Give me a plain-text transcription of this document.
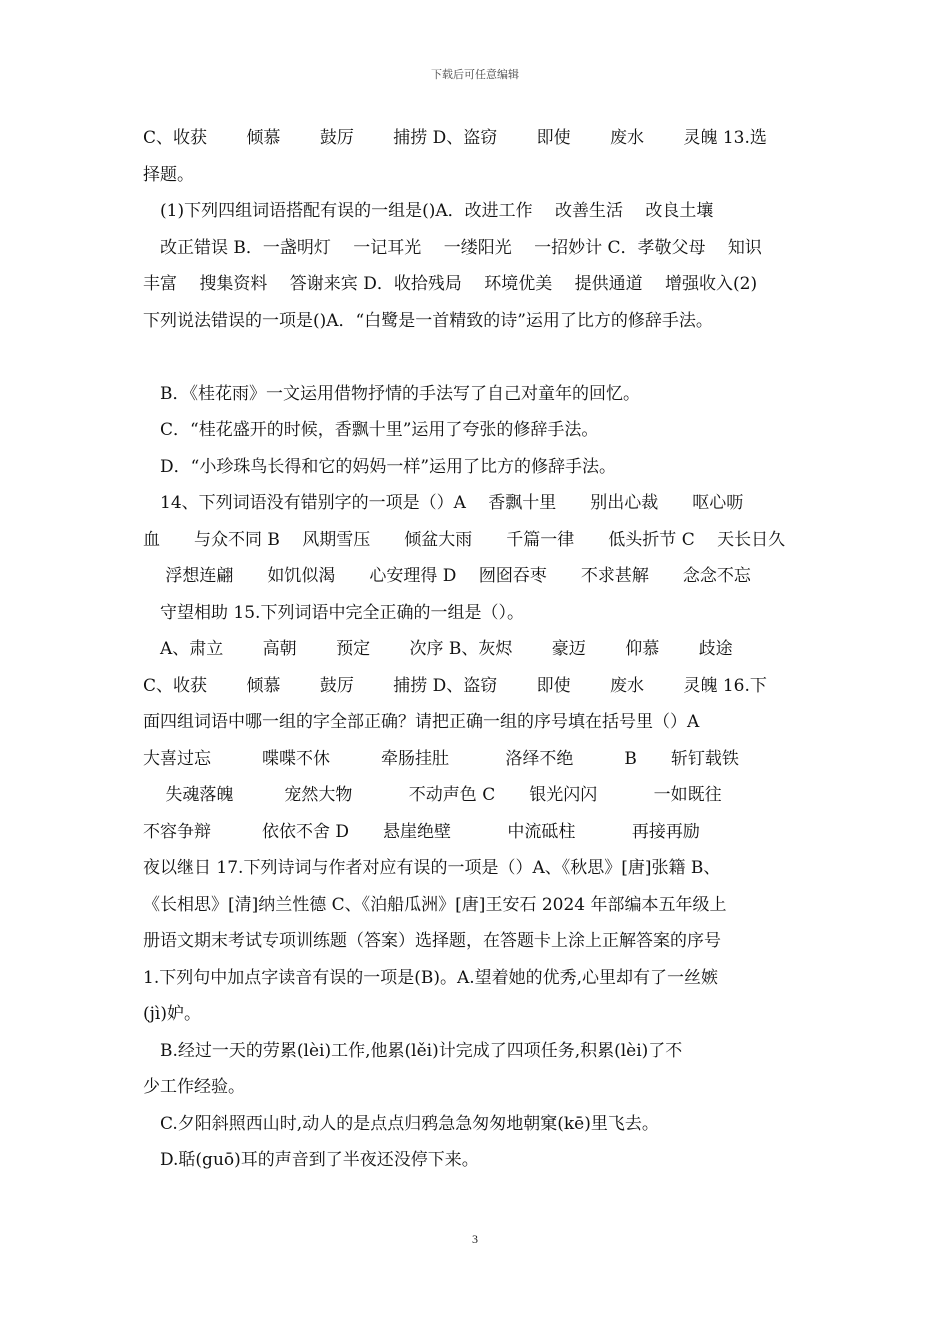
下载后可任意编辑
C、收获　　 倾慕　　 鼓厉　　 捕捞 D、盗窃　　 即使　　 废水　　 灵魄 13.选
择题。
　(1)下列四组词语搭配有误的一组是()A．改进工作　 改善生活　 改良土壤
　改正错误 B．一盏明灯　 一记耳光　 一缕阳光　 一招妙计 C．孝敬父母　 知识
丰富　 搜集资料　 答谢来宾 D．收拾残局　 环境优美　 提供通道　 增强收入(2)
下列说法错误的一项是()A．“白鹭是一首精致的诗”运用了比方的修辞手法。
　B．《桂花雨》一文运用借物抒情的手法写了自己对童年的回忆。
　C．“桂花盛开的时候，香飘十里”运用了夸张的修辞手法。
　D．“小珍珠鸟长得和它的妈妈一样”运用了比方的修辞手法。
　14、下列词语没有错别字的一项是（）A　 香飘十里　　别出心裁　　呕心呖
血　　与众不同 B　 风期雪压　　倾盆大雨　　千篇一律　　低头折节 C　 天长日久
　 浮想连翩　　如饥似渴　　心安理得 D　 囫囵吞枣　　不求甚解　　念念不忘
　守望相助 15.下列词语中完全正确的一组是（）。
　A、肃立　　 高朝　　 预定　　 次序 B、灰烬　　 豪迈　　 仰慕　　 歧途
C、收获　　 倾慕　　 鼓厉　　 捕捞 D、盗窃　　 即使　　 废水　　 灵魄 16.下
面四组词语中哪一组的字全部正确？请把正确一组的序号填在括号里（）A
大喜过忘　　　喋喋不休　　　牵肠挂肚　　　 洛绎不绝　　　B　　斩钉载铁
　 失魂落魄　　　宠然大物　　　 不动声色 C　　银光闪闪　　　 一如既往
不容争辩　　　依依不舍 D　　悬崖绝壁　　　 中流砥柱　　　 再接再励
夜以继日 17.下列诗词与作者对应有误的一项是（）A、《秋思》[唐]张籍 B、
《长相思》[清]纳兰性德 C、《泊船瓜洲》[唐]王安石 2024 年部编本五年级上
册语文期末考试专项训练题（答案）选择题，在答题卡上涂上正解答案的序号
1.下列句中加点字读音有误的一项是(B)。A.望着她的优秀,心里却有了一丝嫉
(jì)妒。
　B.经过一天的劳累(lèi)工作,他累(lěi)计完成了四项任务,积累(lèi)了不
少工作经验。
　C.夕阳斜照西山时,动人的是点点归鸦急急匆匆地朝窠(kē)里飞去。
　D.聒(guō)耳的声音到了半夜还没停下来。
3
